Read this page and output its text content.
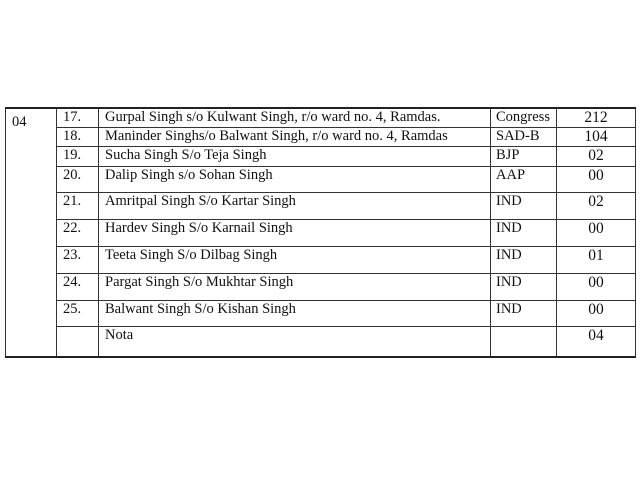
04	17.	Gurpal Singh s/o Kulwant Singh, r/o ward no. 4, Ramdas.	Congress	212
	18.	Maninder Singhs/o Balwant Singh, r/o ward no. 4, Ramdas	SAD-B	104
	19.	Sucha Singh S/o Teja Singh	BJP	02
	20.	Dalip Singh s/o Sohan Singh	AAP	00
	21.	Amritpal Singh S/o Kartar Singh	IND	02
	22.	Hardev Singh S/o Karnail Singh	IND	00
	23.	Teeta Singh S/o Dilbag Singh	IND	01
	24.	Pargat Singh S/o Mukhtar Singh	IND	00
	25.	Balwant Singh S/o Kishan Singh	IND	00
		Nota		04
